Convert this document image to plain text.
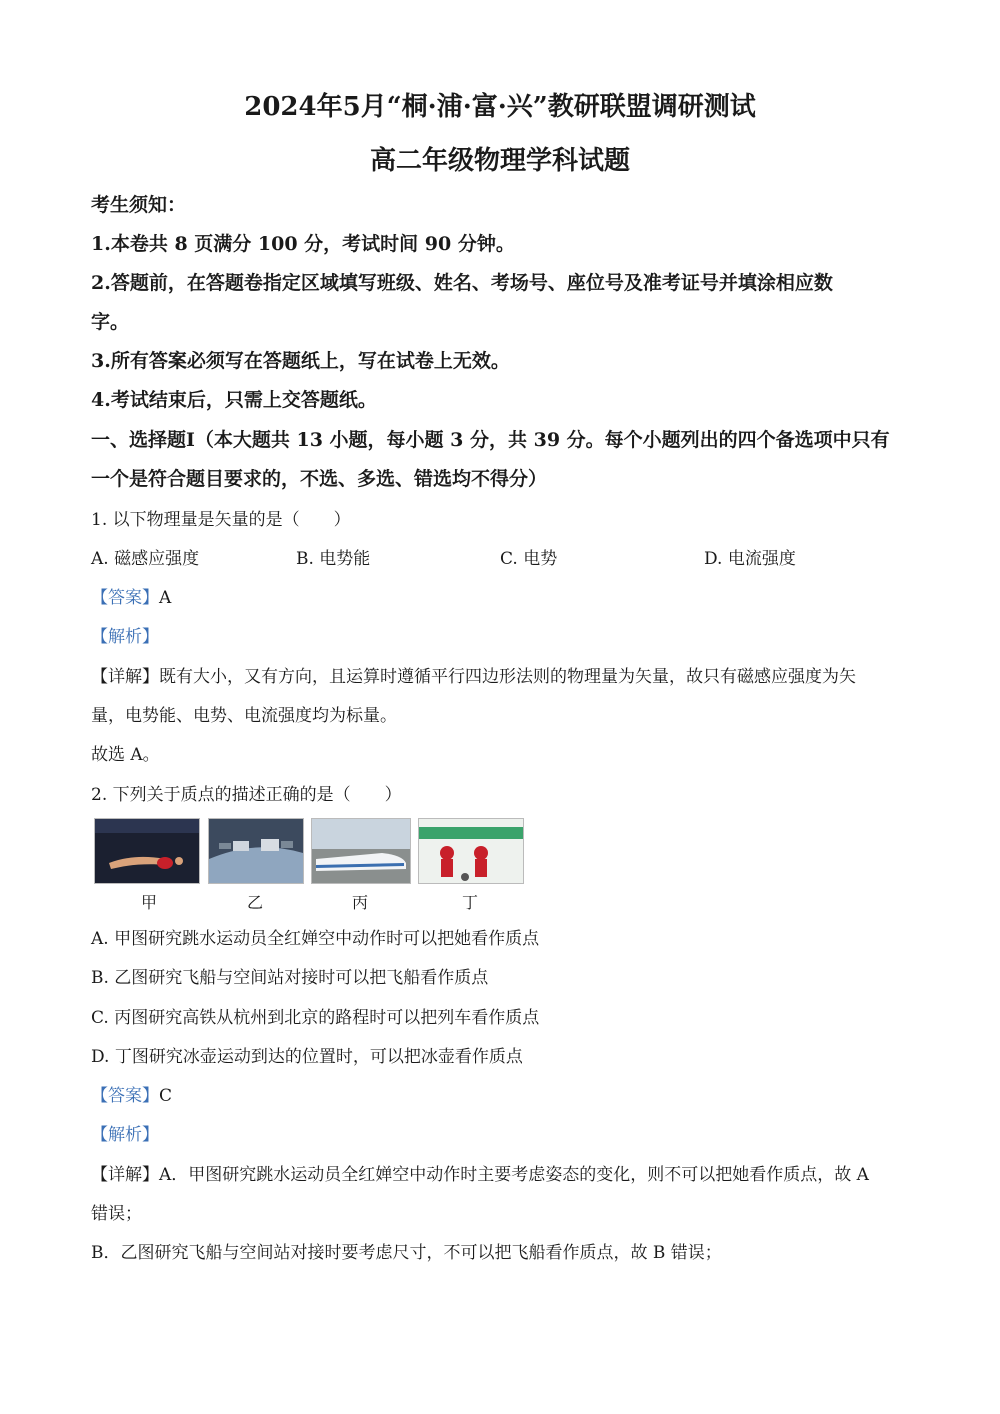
2024年5月“桐·浦·富·兴”教研联盟调研测试
高二年级物理学科试题
考生须知：
1.本卷共 8 页满分 100 分，考试时间 90 分钟。
2.答题前，在答题卷指定区域填写班级、姓名、考场号、座位号及准考证号并填涂相应数
字。
3.所有答案必须写在答题纸上，写在试卷上无效。
4.考试结束后，只需上交答题纸。
一、选择题Ⅰ（本大题共 13 小题，每小题 3 分，共 39 分。每个小题列出的四个备选项中只有
一个是符合题目要求的，不选、多选、错选均不得分）
1. 以下物理量是矢量的是（　　）
A. 磁感应强度	B. 电势能	C. 电势	D. 电流强度
【答案】A
【解析】
【详解】既有大小，又有方向，且运算时遵循平行四边形法则的物理量为矢量，故只有磁感应强度为矢
量，电势能、电势、电流强度均为标量。
故选 A。
2. 下列关于质点的描述正确的是（　　）
甲	乙	丙	丁
A. 甲图研究跳水运动员全红婵空中动作时可以把她看作质点
B. 乙图研究飞船与空间站对接时可以把飞船看作质点
C. 丙图研究高铁从杭州到北京的路程时可以把列车看作质点
D. 丁图研究冰壶运动到达的位置时，可以把冰壶看作质点
【答案】C
【解析】
【详解】A．甲图研究跳水运动员全红婵空中动作时主要考虑姿态的变化，则不可以把她看作质点，故 A
错误；
B．乙图研究飞船与空间站对接时要考虑尺寸，不可以把飞船看作质点，故 B 错误；
